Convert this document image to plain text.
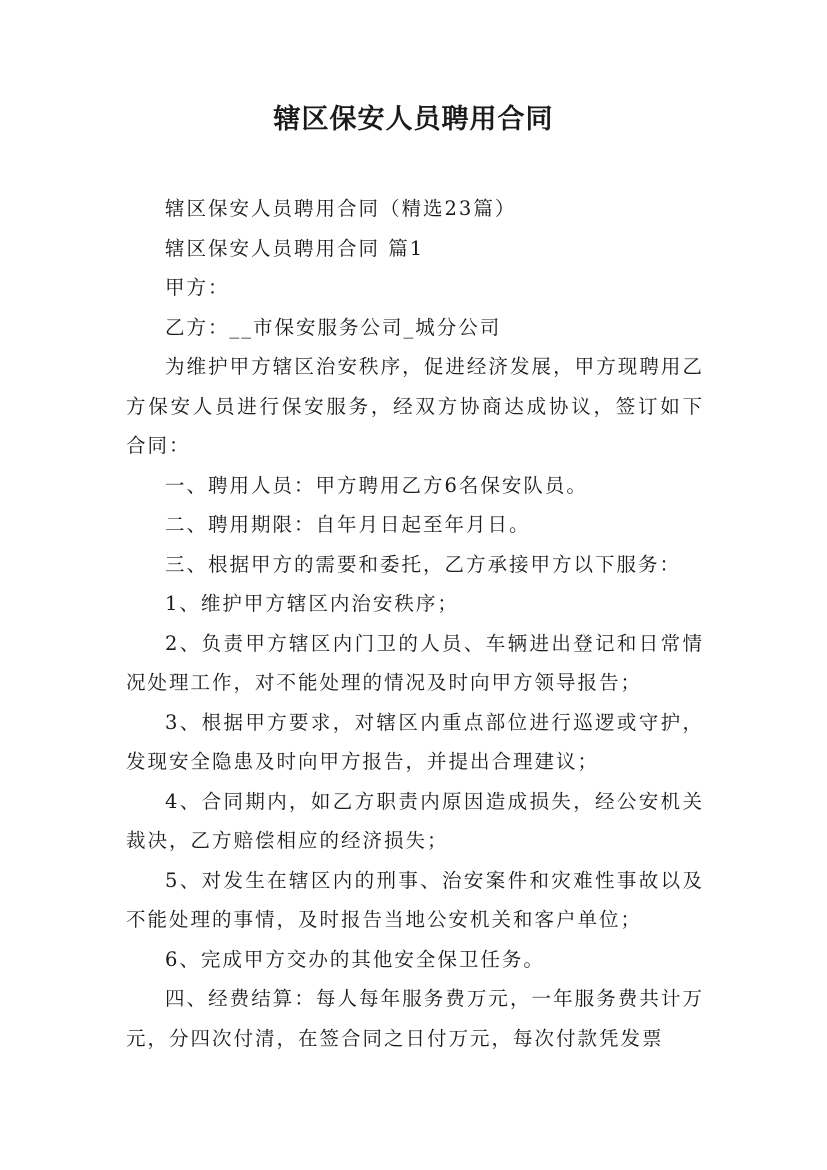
辖区保安人员聘用合同

辖区保安人员聘用合同（精选23篇）

辖区保安人员聘用合同 篇1

甲方：

乙方：__市保安服务公司_城分公司

为维护甲方辖区治安秩序，促进经济发展，甲方现聘用乙方保安人员进行保安服务，经双方协商达成协议，签订如下合同：

一、聘用人员：甲方聘用乙方6名保安队员。

二、聘用期限：自年月日起至年月日。

三、根据甲方的需要和委托，乙方承接甲方以下服务：

1、维护甲方辖区内治安秩序；

2、负责甲方辖区内门卫的人员、车辆进出登记和日常情况处理工作，对不能处理的情况及时向甲方领导报告；

3、根据甲方要求，对辖区内重点部位进行巡逻或守护，发现安全隐患及时向甲方报告，并提出合理建议；

4、合同期内，如乙方职责内原因造成损失，经公安机关裁决，乙方赔偿相应的经济损失；

5、对发生在辖区内的刑事、治安案件和灾难性事故以及不能处理的事情，及时报告当地公安机关和客户单位；

6、完成甲方交办的其他安全保卫任务。

四、经费结算：每人每年服务费万元，一年服务费共计万元，分四次付清，在签合同之日付万元，每次付款凭发票
